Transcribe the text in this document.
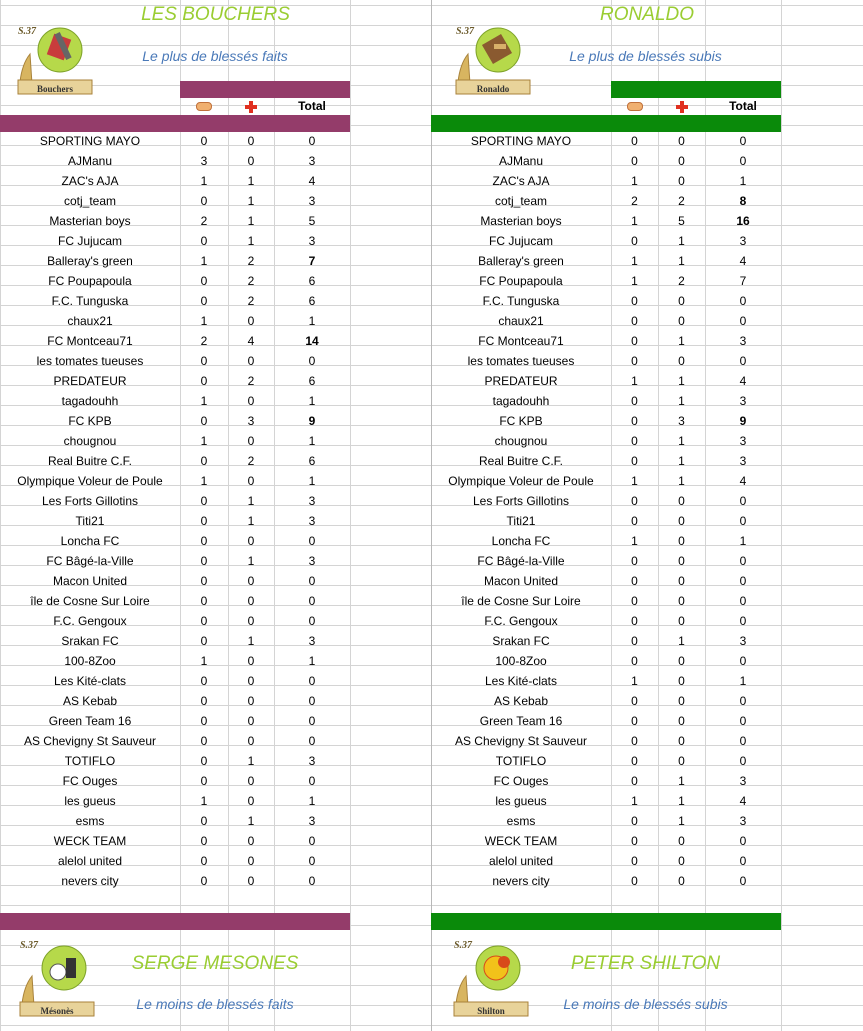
LES BOUCHERS
Le plus de blessés faits
S.37
Bouchers
Total
RONALDO
Le plus de blessés subis
S.37
Ronaldo
Total
SPORTING MAYO	0	0	0
AJManu	3	0	3
ZAC's AJA	1	1	4
cotj_team	0	1	3
Masterian boys	2	1	5
FC Jujucam	0	1	3
Balleray's green	1	2	7
FC Poupapoula	0	2	6
F.C. Tunguska	0	2	6
chaux21	1	0	1
FC Montceau71	2	4	14
les tomates tueuses	0	0	0
PREDATEUR	0	2	6
tagadouhh	1	0	1
FC KPB	0	3	9
chougnou	1	0	1
Real Buitre C.F.	0	2	6
Olympique Voleur de Poule	1	0	1
Les Forts Gillotins	0	1	3
Titi21	0	1	3
Loncha FC	0	0	0
FC Bâgé-la-Ville	0	1	3
Macon United	0	0	0
île de Cosne Sur Loire	0	0	0
F.C. Gengoux	0	0	0
Srakan FC	0	1	3
100-8Zoo	1	0	1
Les Kité-clats	0	0	0
AS Kebab	0	0	0
Green Team 16	0	0	0
AS Chevigny St Sauveur	0	0	0
TOTIFLO	0	1	3
FC Ouges	0	0	0
les gueus	1	0	1
esms	0	1	3
WECK TEAM	0	0	0
alelol united	0	0	0
nevers city	0	0	0
SPORTING MAYO	0	0	0
AJManu	0	0	0
ZAC's AJA	1	0	1
cotj_team	2	2	8
Masterian boys	1	5	16
FC Jujucam	0	1	3
Balleray's green	1	1	4
FC Poupapoula	1	2	7
F.C. Tunguska	0	0	0
chaux21	0	0	0
FC Montceau71	0	1	3
les tomates tueuses	0	0	0
PREDATEUR	1	1	4
tagadouhh	0	1	3
FC KPB	0	3	9
chougnou	0	1	3
Real Buitre C.F.	0	1	3
Olympique Voleur de Poule	1	1	4
Les Forts Gillotins	0	0	0
Titi21	0	0	0
Loncha FC	1	0	1
FC Bâgé-la-Ville	0	0	0
Macon United	0	0	0
île de Cosne Sur Loire	0	0	0
F.C. Gengoux	0	0	0
Srakan FC	0	1	3
100-8Zoo	0	0	0
Les Kité-clats	1	0	1
AS Kebab	0	0	0
Green Team 16	0	0	0
AS Chevigny St Sauveur	0	0	0
TOTIFLO	0	0	0
FC Ouges	0	1	3
les gueus	1	1	4
esms	0	1	3
WECK TEAM	0	0	0
alelol united	0	0	0
nevers city	0	0	0
S.37
Mésonès
SERGE MESONES
Le moins de blessés faits
S.37
Shilton
PETER SHILTON
Le moins de blessés subis
